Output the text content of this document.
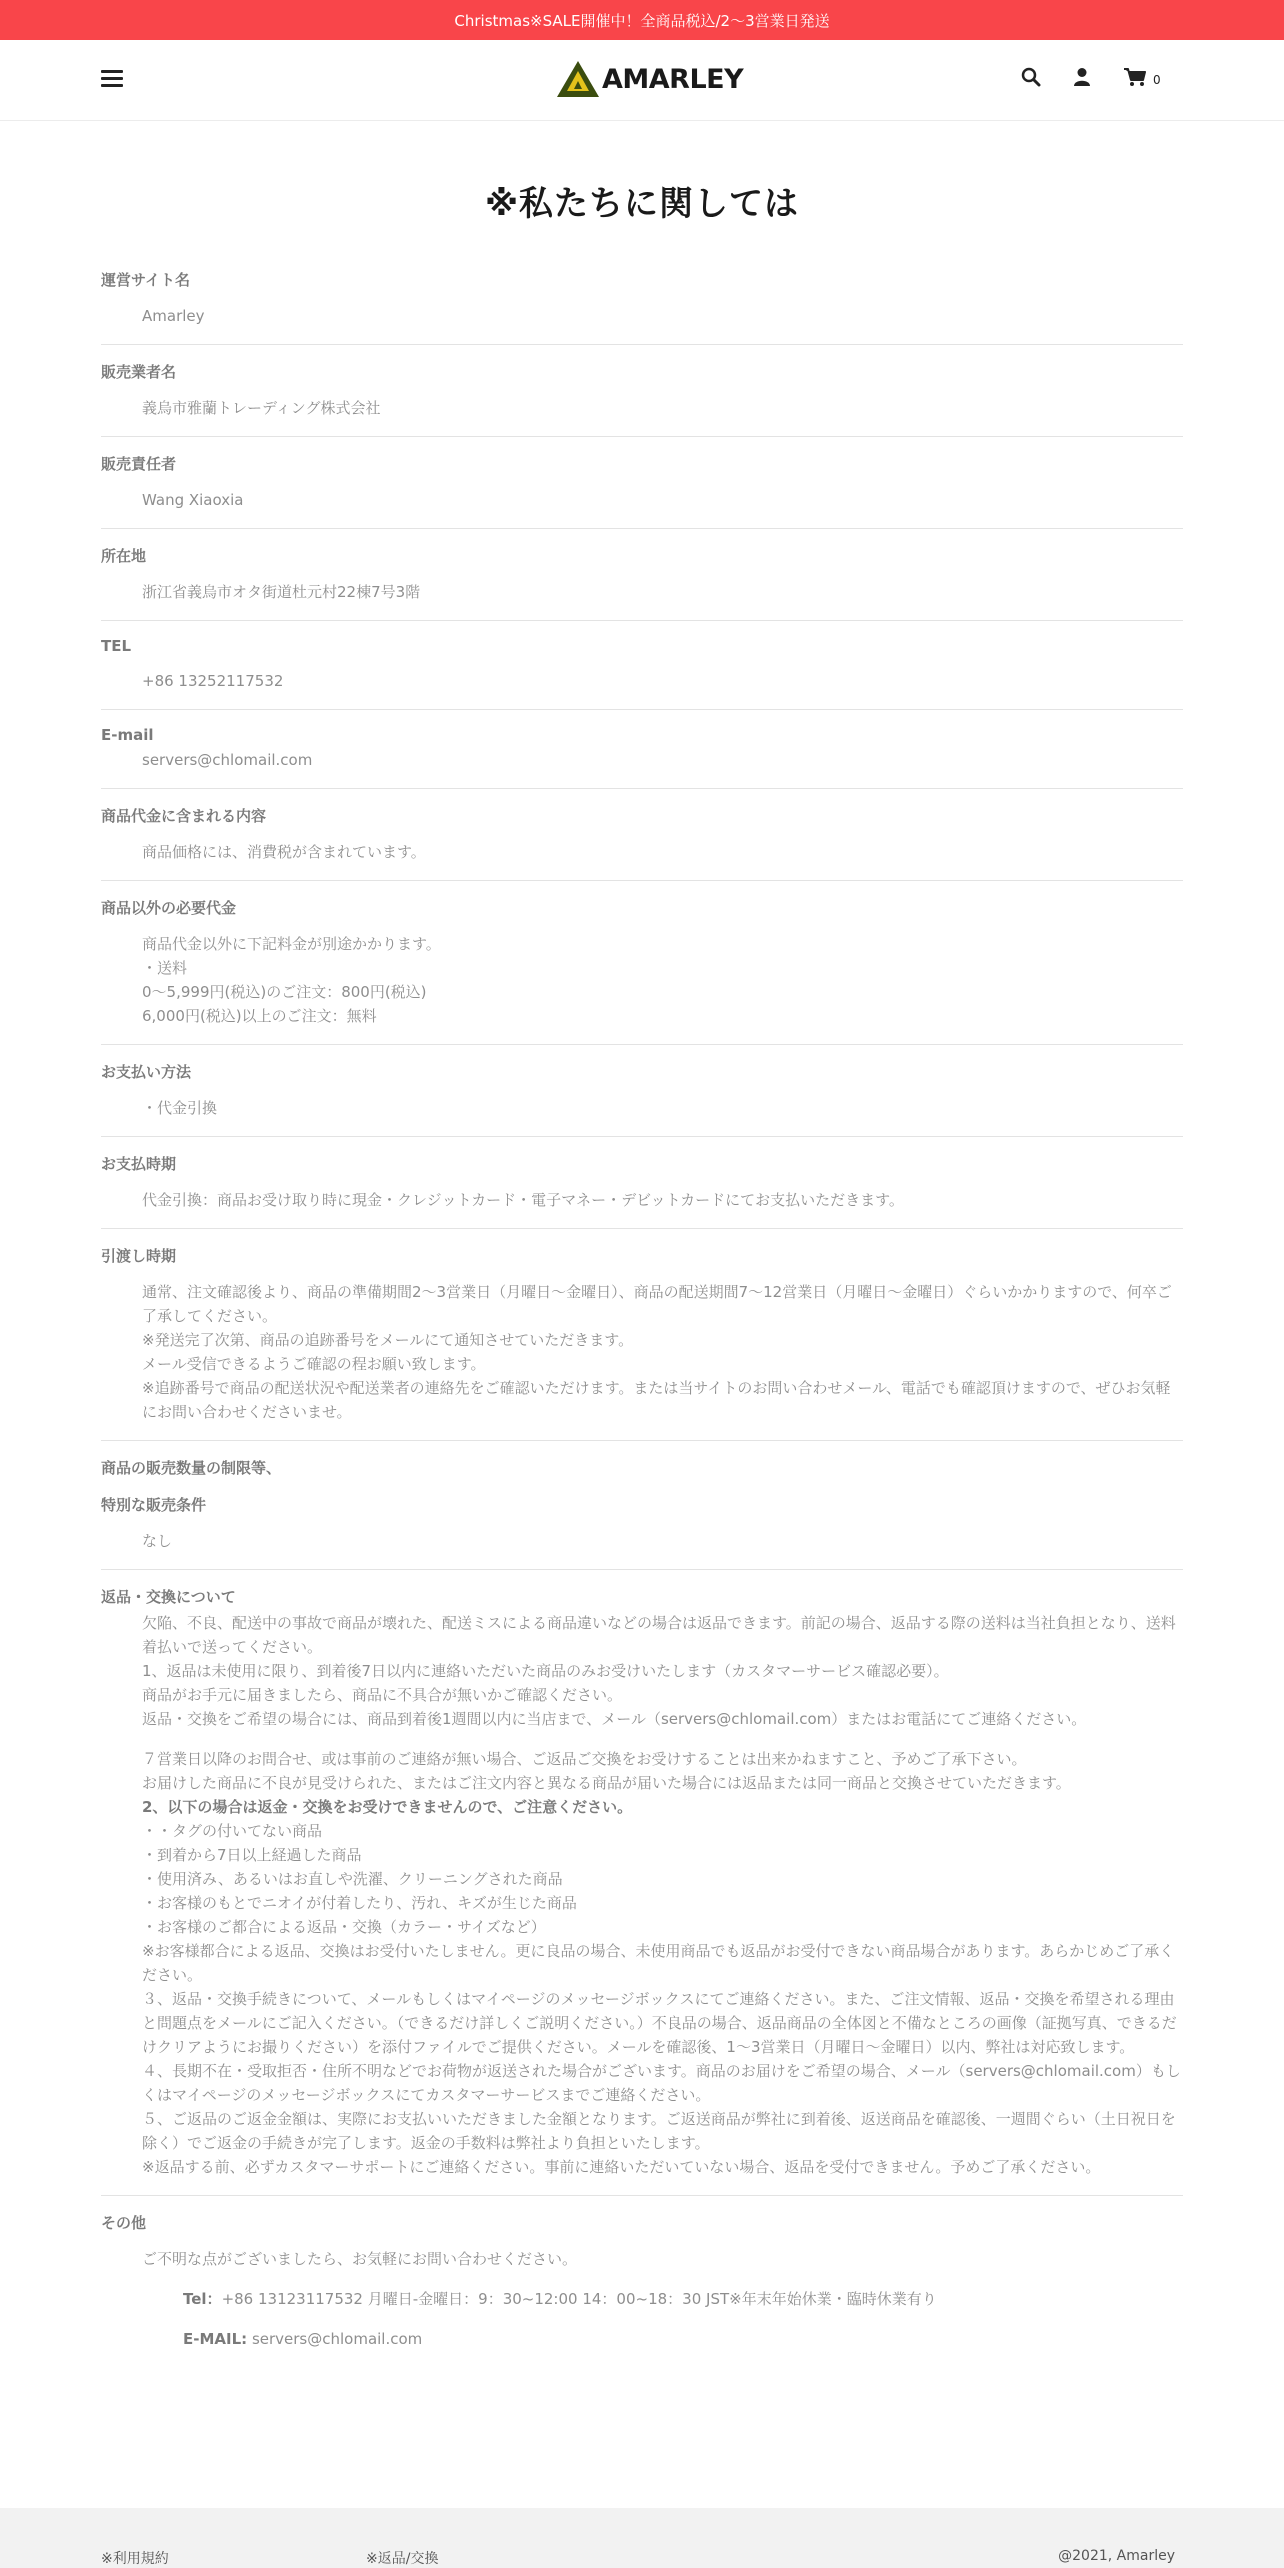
Christmas※SALE開催中！全商品税込/2〜3営業日発送
AMARLEY	0
※私たちに関しては
運営サイト名

Amarley

販売業者名

義烏市雅蘭トレーディング株式会社

販売責任者

Wang Xiaoxia

所在地

浙江省義烏市オタ街道杜元村22棟7号3階

TEL

+86 13252117532

E-mail

servers@chlomail.com

商品代金に含まれる内容

商品価格には、消費税が含まれています。

商品以外の必要代金

商品代金以外に下記料金が別途かかります。

・送料

0～5,999円(税込)のご注文：800円(税込)

6,000円(税込)以上のご注文：無料

お支払い方法

・代金引換

お支払時期

代金引換：商品お受け取り時に現金・クレジットカード・電子マネー・デビットカードにてお支払いただきます。

引渡し時期

通常、注文確認後より、商品の準備期間2〜3営業日（月曜日〜金曜日）、商品の配送期間7〜12営業日（月曜日〜金曜日）ぐらいかかりますので、何卒ご了承してください。

※発送完了次第、商品の追跡番号をメールにて通知させていただきます。

メール受信できるようご確認の程お願い致します。

※追跡番号で商品の配送状況や配送業者の連絡先をご確認いただけます。または当サイトのお問い合わせメール、電話でも確認頂けますので、ぜひお気軽にお問い合わせくださいませ。

商品の販売数量の制限等、
特別な販売条件

なし

返品・交換について

欠陥、不良、配送中の事故で商品が壊れた、配送ミスによる商品違いなどの場合は返品できます。前記の場合、返品する際の送料は当社負担となり、送料着払いで送ってください。

1、返品は未使用に限り、到着後7日以内に連絡いただいた商品のみお受けいたします（カスタマーサービス確認必要）。

商品がお手元に届きましたら、商品に不具合が無いかご確認ください。

返品・交換をご希望の場合には、商品到着後1週間以内に当店まで、メール（servers@chlomail.com）またはお電話にてご連絡ください。

７営業日以降のお問合せ、或は事前のご連絡が無い場合、ご返品ご交換をお受けすることは出来かねますこと、予めご了承下さい。

お届けした商品に不良が見受けられた、またはご注文内容と異なる商品が届いた場合には返品または同一商品と交換させていただきます。

2、以下の場合は返金・交換をお受けできませんので、ご注意ください。

・・タグの付いてない商品

・到着から7日以上経過した商品

・使用済み、あるいはお直しや洗濯、クリーニングされた商品

・お客様のもとでニオイが付着したり、汚れ、キズが生じた商品

・お客様のご都合による返品・交換（カラー・サイズなど）

※お客様都合による返品、交換はお受付いたしません。更に良品の場合、未使用商品でも返品がお受付できない商品場合があります。あらかじめご了承ください。

３、返品・交換手続きについて、メールもしくはマイページのメッセージボックスにてご連絡ください。また、ご注文情報、返品・交換を希望される理由と問題点をメールにご記入ください。（できるだけ詳しくご説明ください。）不良品の場合、返品商品の全体図と不備なところの画像（証拠写真、できるだけクリアようにお撮りください）を添付ファイルでご提供ください。メールを確認後、1〜3営業日（月曜日〜金曜日）以内、弊社は対応致します。

４、長期不在・受取拒否・住所不明などでお荷物が返送された場合がございます。商品のお届けをご希望の場合、メール（servers@chlomail.com）もしくはマイページのメッセージボックスにてカスタマーサービスまでご連絡ください。

５、ご返品のご返金金額は、実際にお支払いいただきました金額となります。ご返送商品が弊社に到着後、返送商品を確認後、一週間ぐらい（土日祝日を除く）でご返金の手続きが完了します。返金の手数料は弊社より負担といたします。

※返品する前、必ずカスタマーサポートにご連絡ください。事前に連絡いただいていない場合、返品を受付できません。予めご了承ください。

その他

ご不明な点がございましたら、お気軽にお問い合わせください。

Tel：+86 13123117532 月曜日-金曜日：9：30~12:00 14：00~18：30 JST※年末年始休業・臨時休業有り
E-MAIL: servers@chlomail.com
※利用規約	※返品/交換	@2021, Amarley
